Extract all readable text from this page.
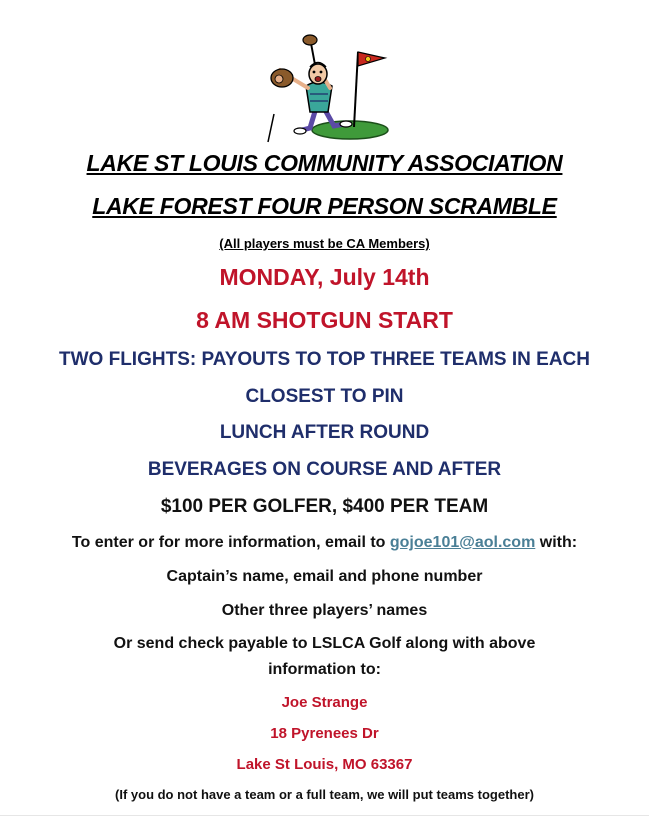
LAKE ST LOUIS COMMUNITY ASSOCIATION
LAKE FOREST FOUR PERSON SCRAMBLE
(All players must be CA Members)
MONDAY, July 14th
8 AM SHOTGUN START
TWO FLIGHTS: PAYOUTS TO TOP THREE TEAMS IN EACH
CLOSEST TO PIN
LUNCH AFTER ROUND
BEVERAGES ON COURSE AND AFTER
$100 PER GOLFER, $400 PER TEAM
To enter or for more information, email to gojoe101@aol.com with:
Captain’s name, email and phone number
Other three players’ names
Or send check payable to LSLCA Golf along with above
information to:
Joe Strange
18 Pyrenees Dr
Lake St Louis, MO 63367
(If you do not have a team or a full team, we will put teams together)
